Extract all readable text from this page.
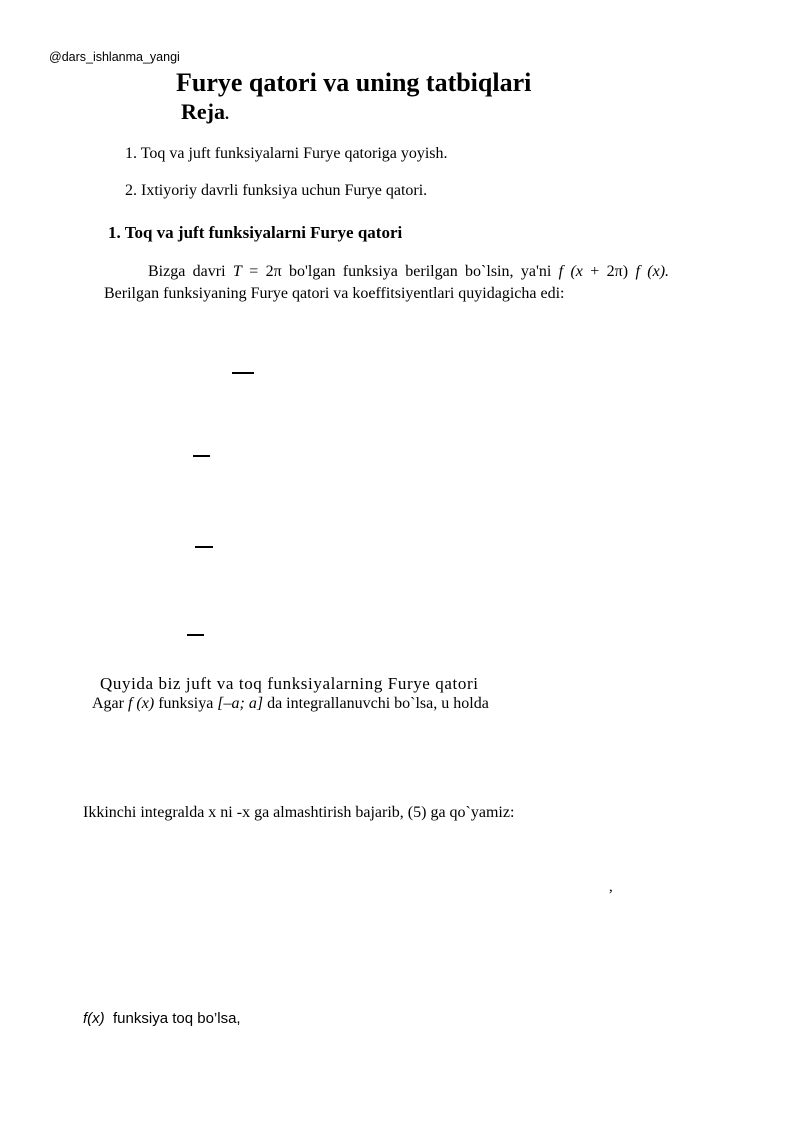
@dars_ishlanma_yangi
Furye qatori va uning tatbiqlari
Reja.
1. Toq va juft funksiyalarni Furye qatoriga yoyish.
2. Ixtiyoriy davrli funksiya uchun Furye qatori.
1. Toq va juft funksiyalarni Furye qatori
Bizga davri T = 2π bo'lgan funksiya berilgan bo`lsin, ya'ni f (x + 2π) f (x). Berilgan funksiyaning Furye qatori va koeffitsiyentlari quyidagicha edi:
Quyida biz juft va toq funksiyalarning Furye qatori
Agar f (x) funksiya [–a; a] da integrallanuvchi bo`lsa, u holda
Ikkinchi integralda x ni -x ga almashtirish bajarib, (5) ga qo`yamiz:
,
f(x)  funksiya toq bo’lsa,
